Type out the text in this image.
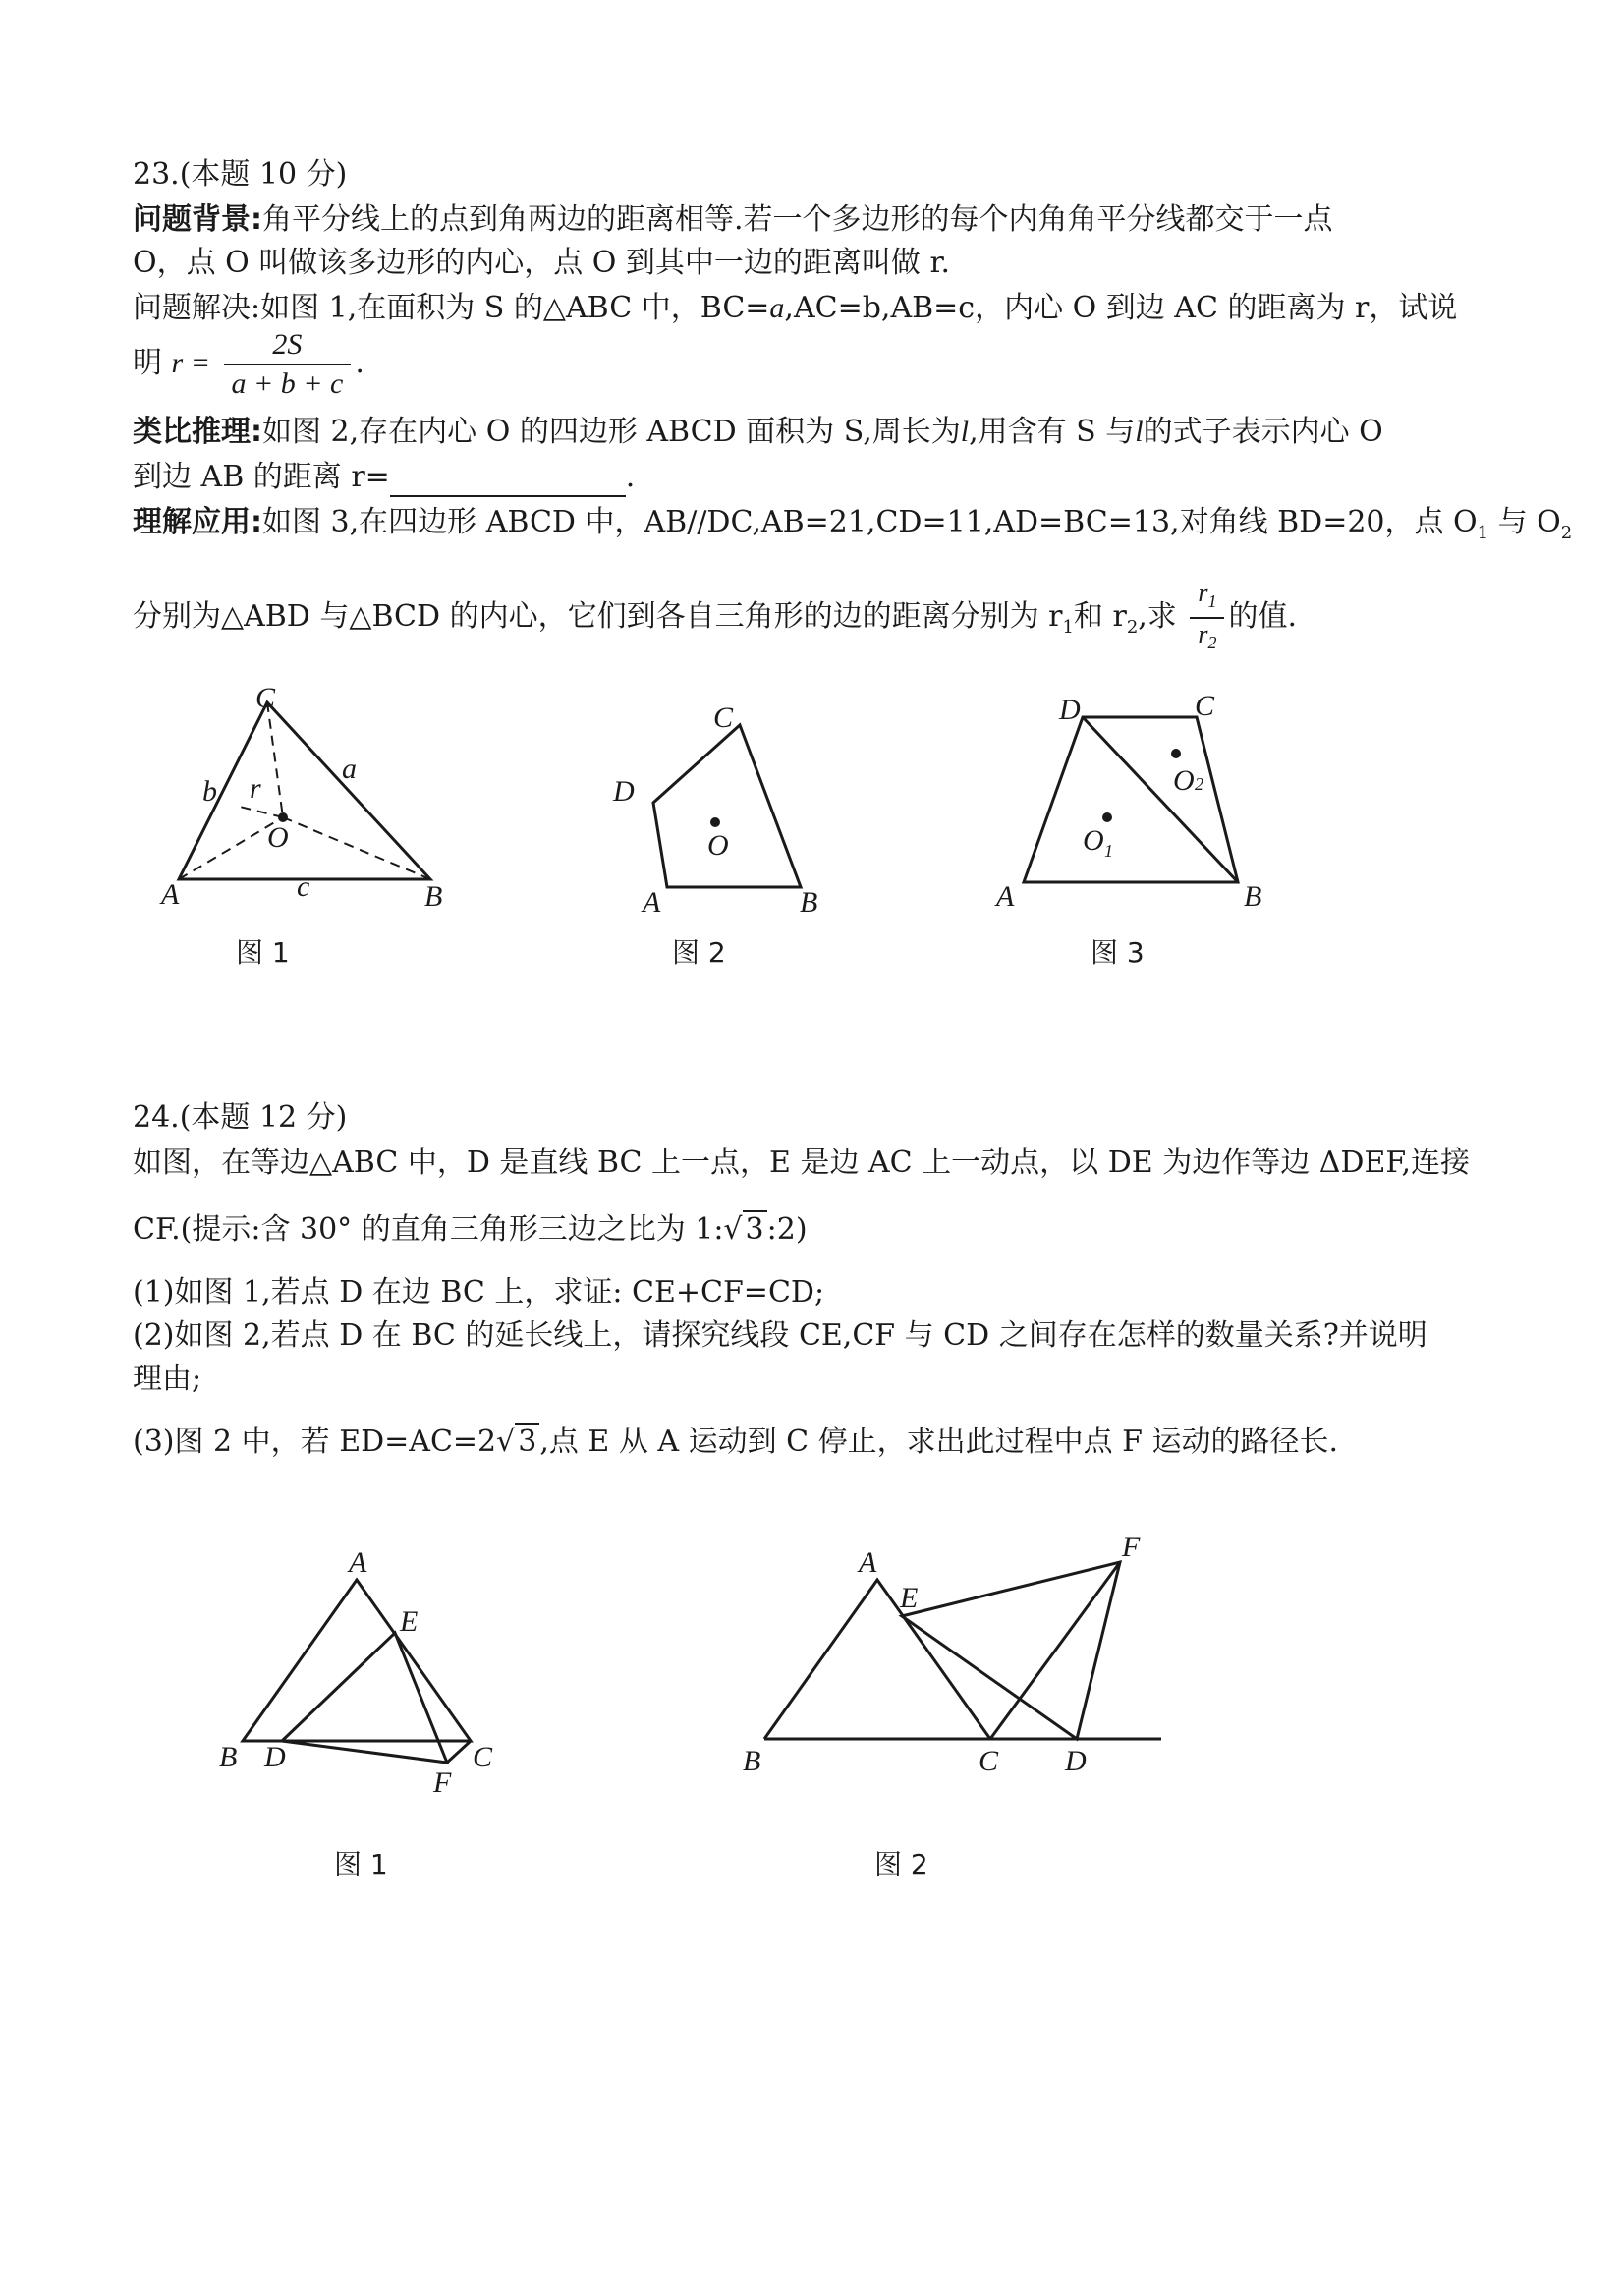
23.(本题 10 分)
问题背景:角平分线上的点到角两边的距离相等.若一个多边形的每个内角角平分线都交于一点
O，点 O 叫做该多边形的内心，点 O 到其中一边的距离叫做 r.
问题解决:如图 1,在面积为 S 的△ABC 中，BC=a,AC=b,AB=c，内心 O 到边 AC 的距离为 r，试说
明 $r = \frac{2S}{a + b + c}$ .
类比推理:如图 2,存在内心 O 的四边形 ABCD 面积为 S,周长为l,用含有 S 与l的式子表示内心 O
到边 AB 的距离 r=	.
理解应用:如图 3,在四边形 ABCD 中，AB//DC,AB=21,CD=11,AD=BC=13,对角线 BD=20，点 $O_1$ 与 $O_2$
分别为△ABD 与△BCD 的内心，它们到各自三角形的边的距离分别为 $r_1$和 $r_2$,求 $\frac{r_1}{r_2}$ 的值.
C
A	B
O
a
b
c
r
图 1
A	B
C
D
O
图 2
A	B
C
D
O 1
O 2
图 3
24.(本题 12 分)
如图，在等边△ABC 中，D 是直线 BC 上一点，E 是边 AC 上一动点，以 DE 为边作等边 ΔDEF,连接
CF.(提示:含 30° 的直角三角形三边之比为 1:√ 3 :2)
(1)如图 1,若点 D 在边 BC 上，求证: CE+CF=CD;
(2)如图 2,若点 D 在 BC 的延长线上，请探究线段 CE,CF 与 CD 之间存在怎样的数量关系?并说明
理由;
(3)图 2 中，若 ED=AC=2√ 3 ,点 E 从 A 运动到 C 停止，求出此过程中点 F 运动的路径长.
A
B	C
D
E
F
图 1
A
B	C D
E
F
图 2
